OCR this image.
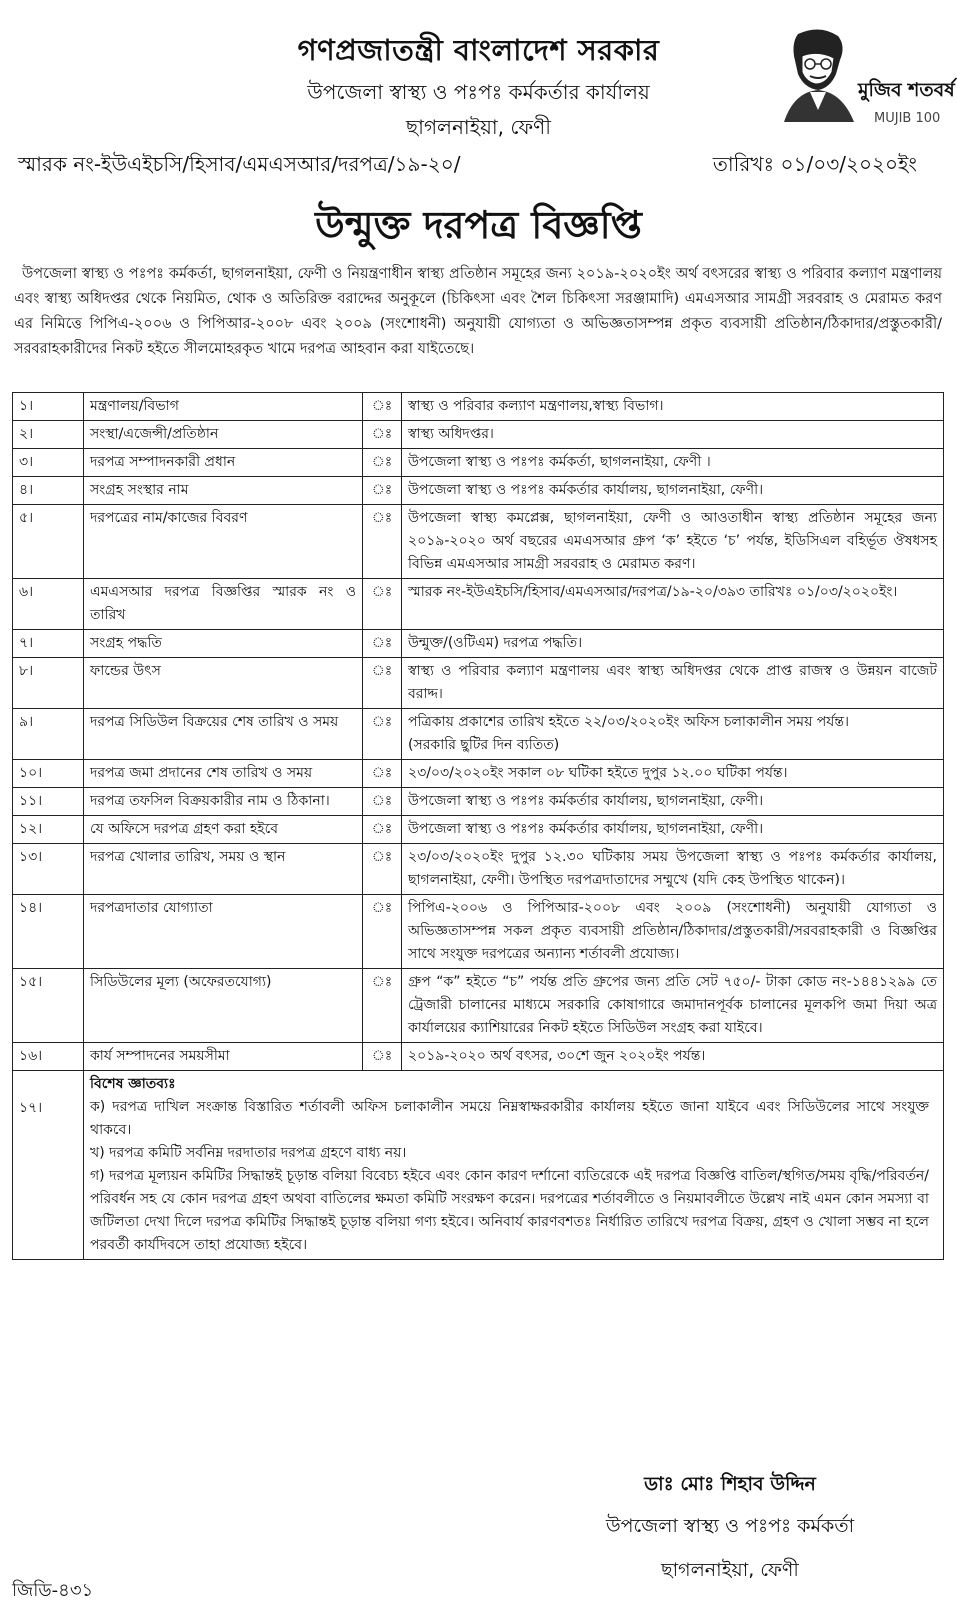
গণপ্রজাতন্ত্রী বাংলাদেশ সরকার
উপজেলা স্বাস্থ্য ও পঃপঃ কর্মকর্তার কার্যালয়
ছাগলনাইয়া, ফেণী
মুজিব শতবর্ষ
MUJIB 100
স্মারক নং-ইউএইচসি/হিসাব/এমএসআর/দরপত্র/১৯-২০/	তারিখঃ ০১/০৩/২০২০ইং
উন্মুক্ত দরপত্র বিজ্ঞপ্তি
উপজেলা স্বাস্থ্য ও পঃপঃ কর্মকর্তা, ছাগলনাইয়া, ফেণী ও নিয়ন্ত্রণাধীন স্বাস্থ্য প্রতিষ্ঠান সমূহের জন্য ২০১৯-২০২০ইং অর্থ বৎসরের স্বাস্থ্য ও পরিবার কল্যাণ মন্ত্রণালয় এবং স্বাস্থ্য অধিদপ্তর থেকে নিয়মিত, থোক ও অতিরিক্ত বরাদ্দের অনুকূলে (চিকিৎসা এবং শৈল চিকিৎসা সরঞ্জামাদি) এমএসআর সামগ্রী সরবরাহ ও মেরামত করণ এর নিমিত্তে পিপিএ-২০০৬ ও পিপিআর-২০০৮ এবং ২০০৯ (সংশোধনী) অনুযায়ী যোগ্যতা ও অভিজ্ঞতাসম্পন্ন প্রকৃত ব্যবসায়ী প্রতিষ্ঠান/ঠিকাদার/প্রস্তুতকারী/সরবরাহকারীদের নিকট হইতে সীলমোহরকৃত খামে দরপত্র আহবান করা যাইতেছে।
১।	মন্ত্রণালয়/বিভাগ	ঃ	স্বাস্থ্য ও পরিবার কল্যাণ মন্ত্রণালয়,স্বাস্থ্য বিভাগ।
২।	সংস্থা/এজেন্সী/প্রতিষ্ঠান	ঃ	স্বাস্থ্য অধিদপ্তর।
৩।	দরপত্র সম্পাদনকারী প্রধান	ঃ	উপজেলা স্বাস্থ্য ও পঃপঃ কর্মকর্তা, ছাগলনাইয়া, ফেণী ।
৪।	সংগ্রহ সংস্থার নাম	ঃ	উপজেলা স্বাস্থ্য ও পঃপঃ কর্মকর্তার কার্যালয়, ছাগলনাইয়া, ফেণী।
৫।	দরপত্রের নাম/কাজের বিবরণ	ঃ	উপজেলা স্বাস্থ্য কমপ্লেক্স, ছাগলনাইয়া, ফেণী ও আওতাধীন স্বাস্থ্য প্রতিষ্ঠান সমূহের জন্য ২০১৯-২০২০ অর্থ বছরের এমএসআর গ্রুপ ‘ক’ হইতে ‘চ’ পর্যন্ত, ইডিসিএল বহির্ভূত ঔষধসহ বিভিন্ন এমএসআর সামগ্রী সরবরাহ ও মেরামত করণ।
৬।	এমএসআর দরপত্র বিজ্ঞপ্তির স্মারক নং ও তারিখ	ঃ	স্মারক নং-ইউএইচসি/হিসাব/এমএসআর/দরপত্র/১৯-২০/৩৯৩ তারিখঃ ০১/০৩/২০২০ইং।
৭।	সংগ্রহ পদ্ধতি	ঃ	উন্মুক্ত/(ওটিএম) দরপত্র পদ্ধতি।
৮।	ফান্ডের উৎস	ঃ	স্বাস্থ্য ও পরিবার কল্যাণ মন্ত্রণালয় এবং স্বাস্থ্য অধিদপ্তর থেকে প্রাপ্ত রাজস্ব ও উন্নয়ন বাজেট বরাদ্দ।
৯।	দরপত্র সিডিউল বিক্রয়ের শেষ তারিখ ও সময়	ঃ	পত্রিকায় প্রকাশের তারিখ হইতে ২২/০৩/২০২০ইং অফিস চলাকালীন সময় পর্যন্ত।
(সরকারি ছুটির দিন ব্যতিত)
১০।	দরপত্র জমা প্রদানের শেষ তারিখ ও সময়	ঃ	২৩/০৩/২০২০ইং সকাল ০৮ ঘটিকা হইতে দুপুর ১২.০০ ঘটিকা পর্যন্ত।
১১।	দরপত্র তফসিল বিক্রয়কারীর নাম ও ঠিকানা।	ঃ	উপজেলা স্বাস্থ্য ও পঃপঃ কর্মকর্তার কার্যালয়, ছাগলনাইয়া, ফেণী।
১২।	যে অফিসে দরপত্র গ্রহণ করা হইবে	ঃ	উপজেলা স্বাস্থ্য ও পঃপঃ কর্মকর্তার কার্যালয়, ছাগলনাইয়া, ফেণী।
১৩।	দরপত্র খোলার তারিখ, সময় ও স্থান	ঃ	২৩/০৩/২০২০ইং দুপুর ১২.৩০ ঘটিকায় সময় উপজেলা স্বাস্থ্য ও পঃপঃ কর্মকর্তার কার্যালয়, ছাগলনাইয়া, ফেণী। উপস্থিত দরপত্রদাতাদের সম্মুখে (যদি কেহ উপস্থিত থাকেন)।
১৪।	দরপত্রদাতার যোগ্যাতা	ঃ	পিপিএ-২০০৬ ও পিপিআর-২০০৮ এবং ২০০৯ (সংশোধনী) অনুযায়ী যোগ্যতা ও অভিজ্ঞতাসম্পন্ন সকল প্রকৃত ব্যবসায়ী প্রতিষ্ঠান/ঠিকাদার/প্রস্তুতকারী/সরবরাহকারী ও বিজ্ঞপ্তির সাথে সংযুক্ত দরপত্রের অন্যান্য শর্তাবলী প্রযোজ্য।
১৫।	সিডিউলের মূল্য (অফেরতযোগ্য)	ঃ	গ্রুপ “ক” হইতে “চ” পর্যন্ত প্রতি গ্রুপের জন্য প্রতি সেট ৭৫০/- টাকা কোড নং-১৪৪১২৯৯ তে ট্রেজারী চালানের মাধ্যমে সরকারি কোষাগারে জমাদানপূর্বক চালানের মূলকপি জমা দিয়া অত্র কার্যালয়ের ক্যাশিয়ারের নিকট হইতে সিডিউল সংগ্রহ করা যাইবে।
১৬।	কার্য সম্পাদনের সময়সীমা	ঃ	২০১৯-২০২০ অর্থ বৎসর, ৩০শে জুন ২০২০ইং পর্যন্ত।
১৭।	বিশেষ জ্ঞাতব্যঃ
ক) দরপত্র দাখিল সংক্রান্ত বিস্তারিত শর্তাবলী অফিস চলাকালীন সময়ে নিম্নস্বাক্ষরকারীর কার্যালয় হইতে জানা যাইবে এবং সিডিউলের সাথে সংযুক্ত থাকবে।
খ) দরপত্র কমিটি সর্বনিম্ন দরদাতার দরপত্র গ্রহণে বাধ্য নয়।
গ) দরপত্র মূল্যয়ন কমিটির সিদ্ধান্তই চূড়ান্ত বলিয়া বিবেচ্য হইবে এবং কোন কারণ দর্শানো ব্যতিরেকে এই দরপত্র বিজ্ঞপ্তি বাতিল/স্থগিত/সময় বৃদ্ধি/পরিবর্তন/পরিবর্ধন সহ যে কোন দরপত্র গ্রহণ অথবা বাতিলের ক্ষমতা কমিটি সংরক্ষণ করেন। দরপত্রের শর্তাবলীতে ও নিয়মাবলীতে উল্লেখ নাই এমন কোন সমস্যা বা জটিলতা দেখা দিলে দরপত্র কমিটির সিদ্ধান্তই চূড়ান্ত বলিয়া গণ্য হইবে। অনিবার্য কারণবশতঃ নির্ধারিত তারিখে দরপত্র বিক্রয়, গ্রহণ ও খোলা সম্ভব না হলে পরবর্তী কার্যদিবসে তাহা প্রযোজ্য হইবে।		
ডাঃ মোঃ শিহাব উদ্দিন
উপজেলা স্বাস্থ্য ও পঃপঃ কর্মকর্তা
ছাগলনাইয়া, ফেণী
জিডি-৪৩১
